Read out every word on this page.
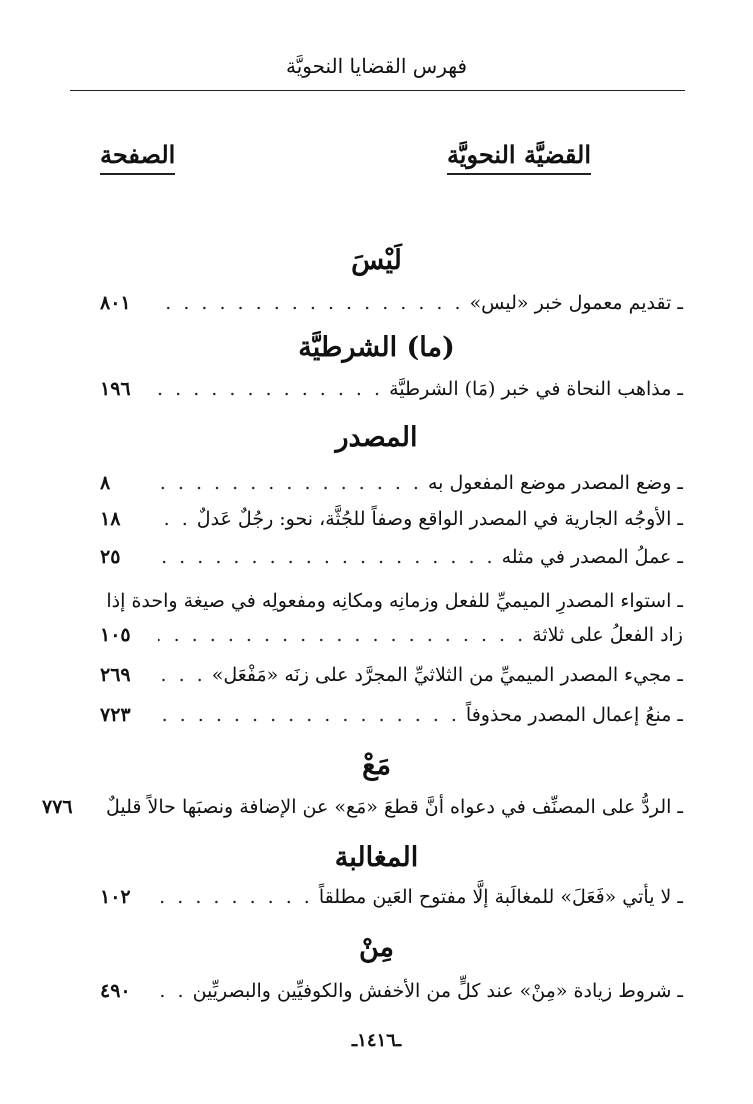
فهرس القضايا النحويَّة
القضيَّة النحويَّة
الصفحة
لَيْسَ
ـ تقديم معمول خبر «ليس»
. . .
٨٠١
(ما) الشرطيَّة
ـ مذاهب النحاة في خبر (مَا) الشرطيَّة
. . .
١٩٦
المصدر
ـ وضع المصدر موضع المفعول به
. . .
٨
ـ الأوجُه الجارية في المصدر الواقع وصفاً للجُثَّة، نحو: رجُلٌ عَدلٌ
. . .
١٨
ـ عملُ المصدر في مثله
. . .
٢٥
ـ استواء المصدرِ الميميِّ للفعل وزمانِه ومكانِه ومفعولِه في صيغة واحدة إذا
زاد الفعلُ على ثلاثة
. . .
١٠٥
ـ مجيء المصدر الميميِّ من الثلاثيِّ المجرَّد على زنَه «مَفْعَل»
. . .
٢٦٩
ـ منعُ إعمال المصدر محذوفاً
. . .
٧٢٣
مَعْ
ـ الردُّ على المصنِّف في دعواه أنَّ قطعَ «مَع» عن الإضافة ونصبَها حالاً قليلٌ
٧٧٦
المغالبة
ـ لا يأتي «فَعَلَ» للمغالَبة إلَّا مفتوح العَين مطلقاً
. . .
١٠٢
مِنْ
ـ شروط زيادة «مِنْ» عند كلٍّ من الأخفش والكوفيِّين والبصريِّين
. . .
٤٩٠
ـ١٤١٦ـ
